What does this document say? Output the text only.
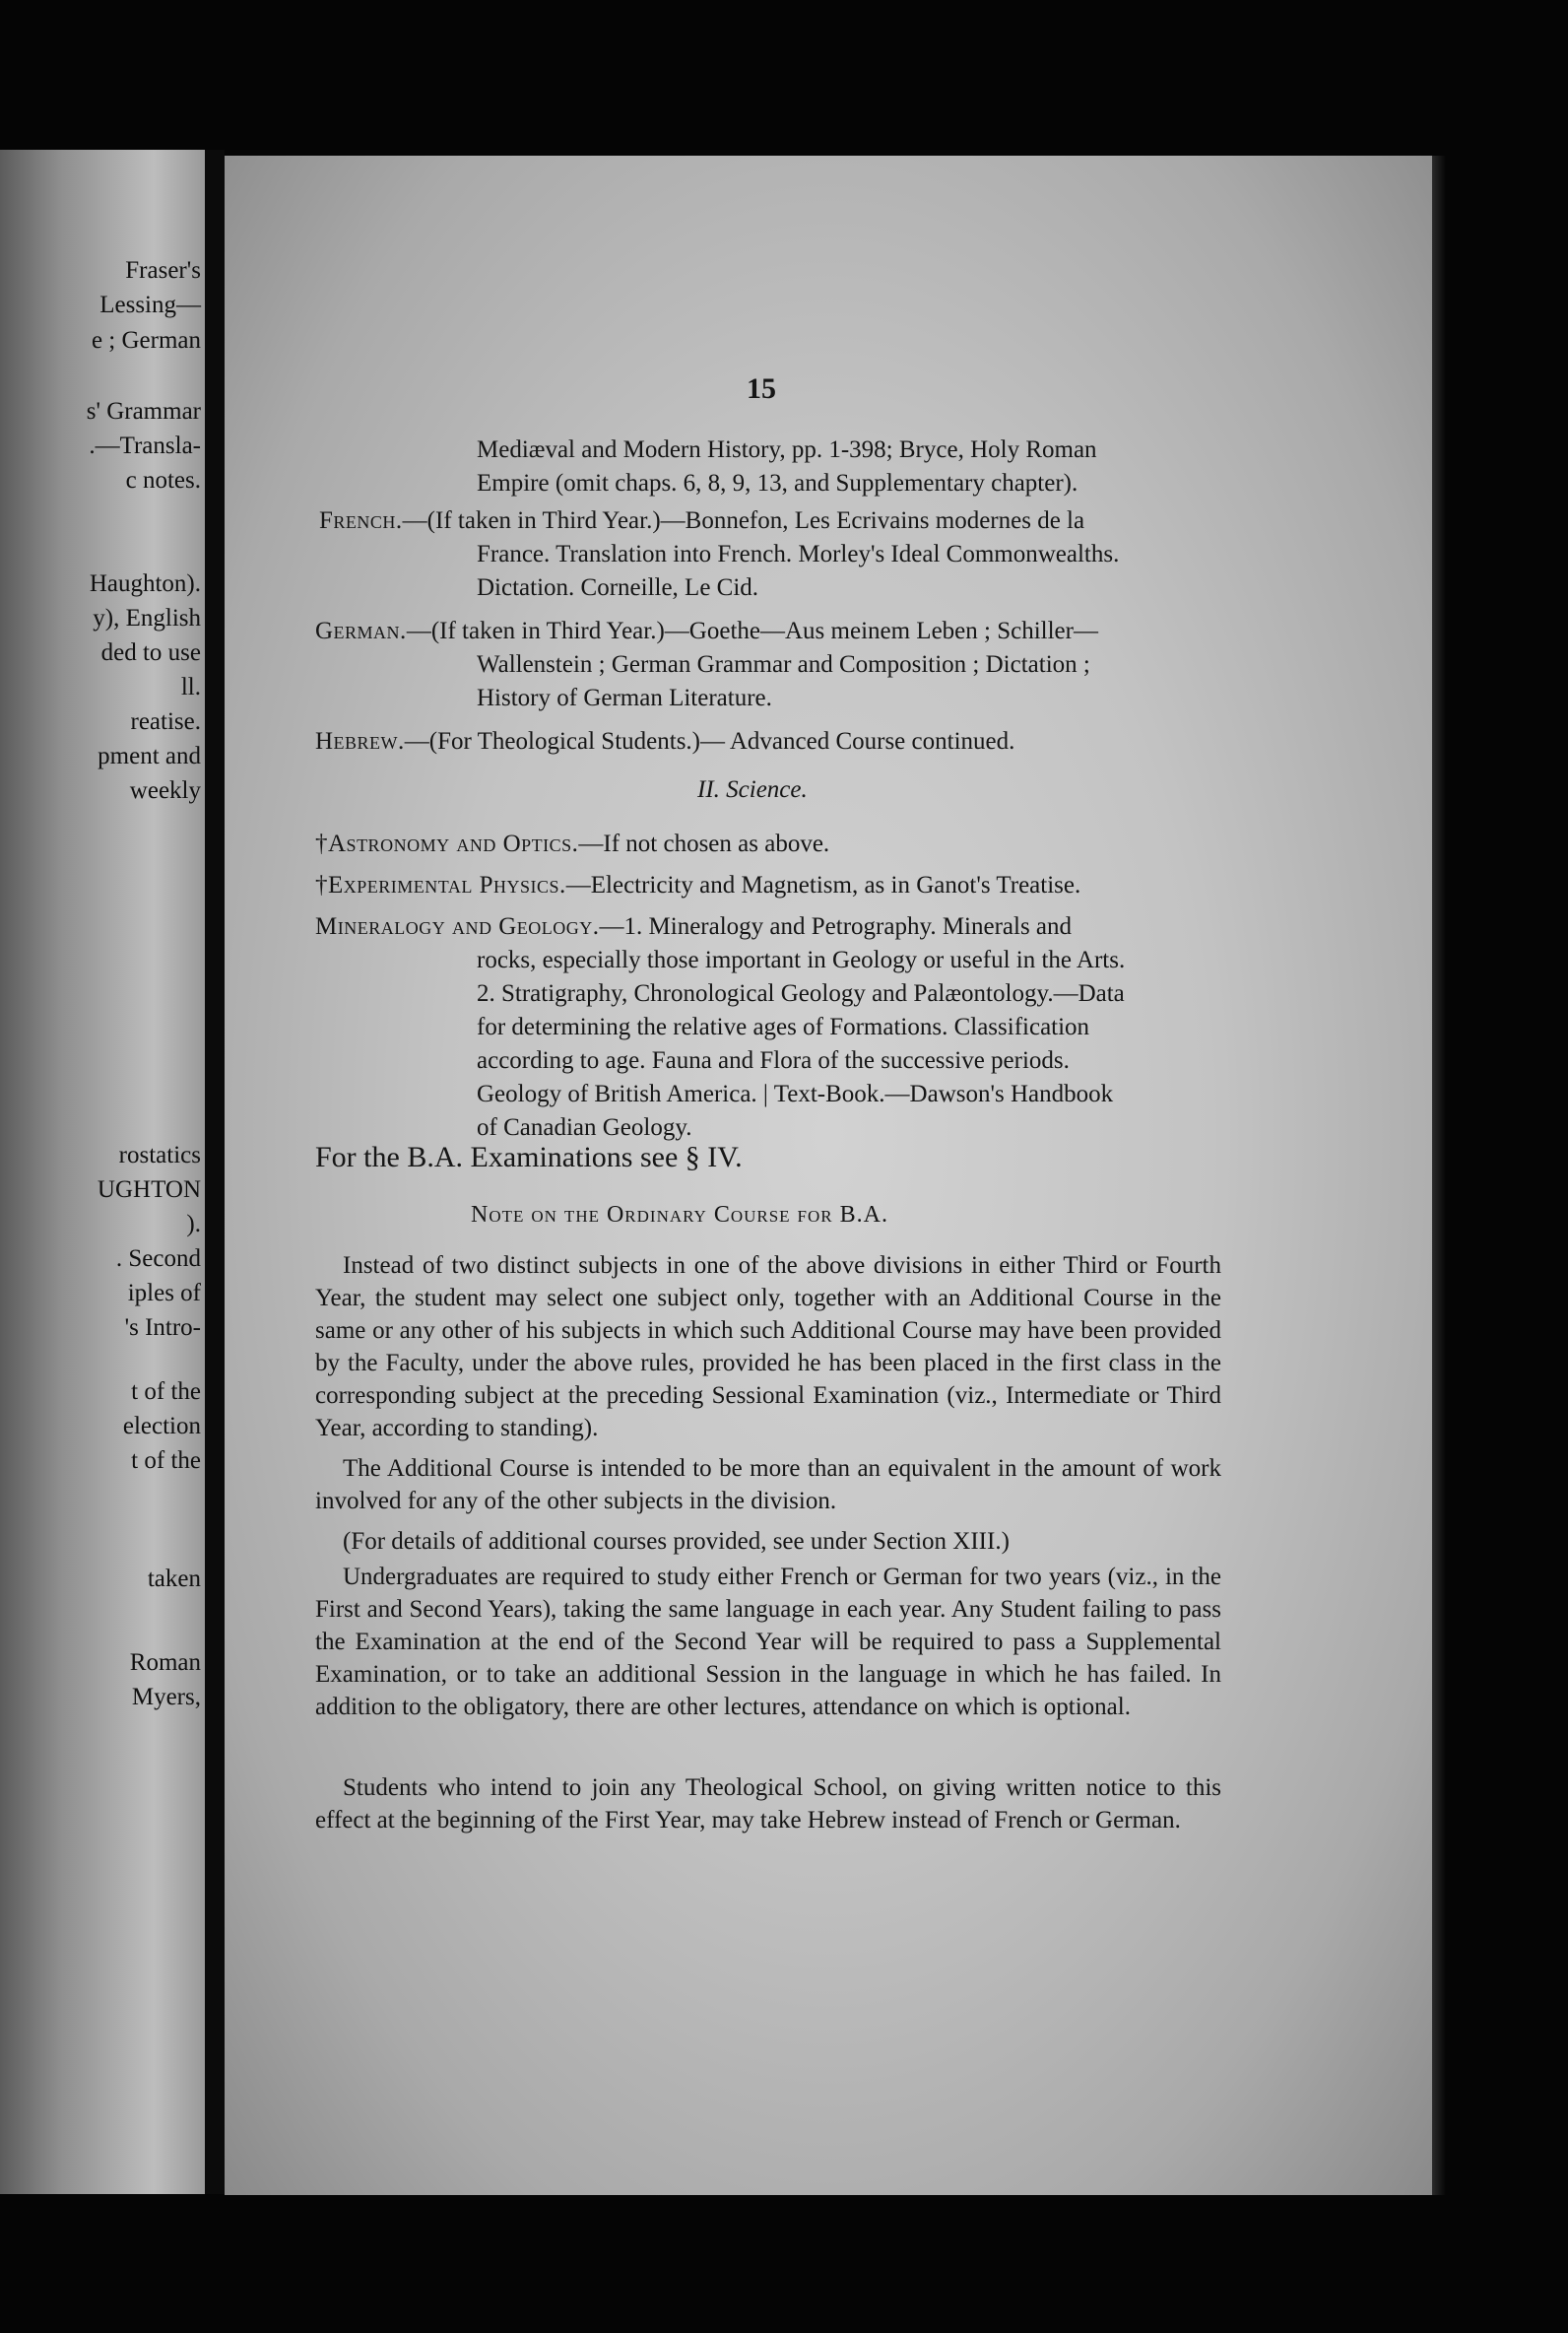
Fraser's
Lessing—
e ; German
s' Grammar
.—Transla-
c notes.
Haughton).
y), English
ded to use
ll.
reatise.
pment and
weekly
rostatics
UGHTON
).
. Second
iples of
's Intro-
t of the
election
t of the
taken
Roman
Myers,
15
Mediæval and Modern History, pp. 1-398; Bryce, Holy Roman
Empire (omit chaps. 6, 8, 9, 13, and Supplementary chapter).
French.—(If taken in Third Year.)—Bonnefon, Les Ecrivains modernes de la
France. Translation into French. Morley's Ideal Commonwealths.
Dictation. Corneille, Le Cid.
German.—(If taken in Third Year.)—Goethe—Aus meinem Leben ; Schiller—
Wallenstein ; German Grammar and Composition ; Dictation ;
History of German Literature.
Hebrew.—(For Theological Students.)— Advanced Course continued.
II. Science.
†Astronomy and Optics.—If not chosen as above.
†Experimental Physics.—Electricity and Magnetism, as in Ganot's Treatise.
Mineralogy and Geology.—1. Mineralogy and Petrography. Minerals and
rocks, especially those important in Geology or useful in the Arts.
2. Stratigraphy, Chronological Geology and Palæontology.—Data
for determining the relative ages of Formations. Classification
according to age. Fauna and Flora of the successive periods.
Geology of British America. | Text-Book.—Dawson's Handbook
of Canadian Geology.
For the B.A. Examinations see § IV.
Note on the Ordinary Course for B.A.
Instead of two distinct subjects in one of the above divisions in either Third or Fourth Year, the student may select one subject only, together with an Additional Course in the same or any other of his subjects in which such Additional Course may have been provided by the Faculty, under the above rules, provided he has been placed in the first class in the corresponding subject at the preceding Sessional Examination (viz., Intermediate or Third Year, according to standing).
The Additional Course is intended to be more than an equivalent in the amount of work involved for any of the other subjects in the division.
(For details of additional courses provided, see under Section XIII.)
Undergraduates are required to study either French or German for two years (viz., in the First and Second Years), taking the same language in each year. Any Student failing to pass the Examination at the end of the Second Year will be required to pass a Supplemental Examination, or to take an additional Session in the language in which he has failed. In addition to the obligatory, there are other lectures, attendance on which is optional.
Students who intend to join any Theological School, on giving written notice to this effect at the beginning of the First Year, may take Hebrew instead of French or German.
